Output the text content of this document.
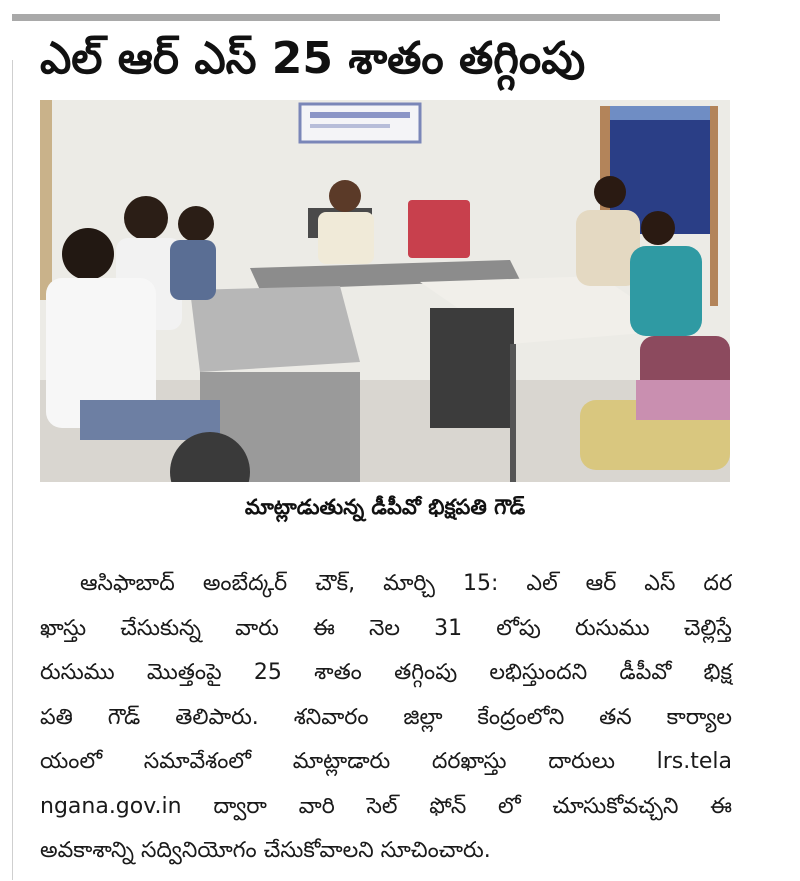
ఎల్ ఆర్ ఎస్ 25 శాతం తగ్గింపు
మాట్లాడుతున్న డీపీవో భిక్షపతి గౌడ్
ఆసిఫాబాద్ అంబేద్కర్ చౌక్, మార్చి 15: ఎల్ ఆర్ ఎస్ దర
ఖాస్తు చేసుకున్న వారు ఈ నెల 31 లోపు రుసుము చెల్లిస్తే
రుసుము మొత్తంపై 25 శాతం తగ్గింపు లభిస్తుందని డీపీవో భిక్ష
పతి గౌడ్ తెలిపారు. శనివారం జిల్లా కేంద్రంలోని తన కార్యాల
యంలో సమావేశంలో మాట్లాడారు దరఖాస్తు దారులు lrs.tela
ngana.gov.in ద్వారా వారి సెల్ ఫోన్ లో చూసుకోవచ్చని ఈ
అవకాశాన్ని సద్వినియోగం చేసుకోవాలని సూచించారు.
